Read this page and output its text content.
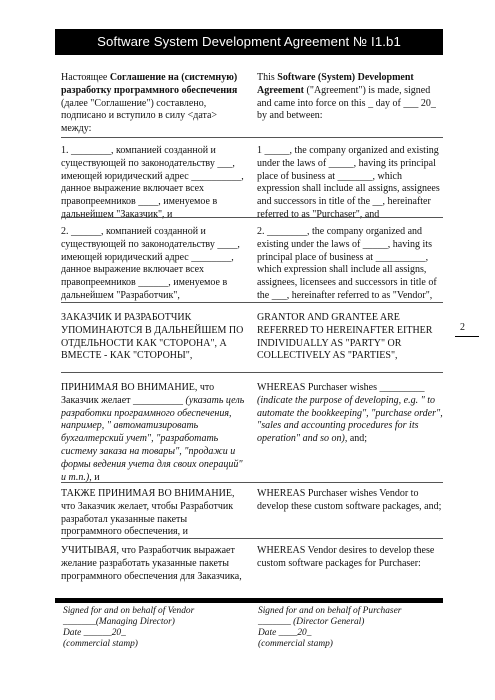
Software System Development Agreement № I1.b1

Настоящее Соглашение на (системную) разработку программного обеспечения (далее "Соглашение") составлено, подписано и вступило в силу <дата> между:

This Software (System) Development Agreement ("Agreement") is made, signed and came into force on this _ day of ___ 20_ by and between:

1. ________, компанией созданной и существующей по законодательству ___, имеющей юридический адрес __________, данное выражение включает всех правопреемников ____, именуемое в дальнейшем "Заказчик", и

1 _____, the company organized and existing under the laws of _____, having its principal place of business at _______, which expression shall include all assigns, assignees and successors in title of the __, hereinafter referred to as "Purchaser", and

2. ______, компанией созданной и существующей по законодательству ____, имеющей юридический адрес ________, данное выражение включает всех правопреемников ______, именуемое в дальнейшем "Разработчик",

2. ________, the company organized and existing under the laws of _____, having its principal place of business at __________, which expression shall include all assigns, assignees, licensees and successors in title of the ___, hereinafter referred to as "Vendor",

ЗАКАЗЧИК И РАЗРАБОТЧИК УПОМИНАЮТСЯ В ДАЛЬНЕЙШЕМ ПО ОТДЕЛЬНОСТИ КАК "СТОРОНА", А ВМЕСТЕ - КАК "СТОРОНЫ",

GRANTOR AND GRANTEE ARE REFERRED TO HEREINAFTER EITHER INDIVIDUALLY AS "PARTY" OR COLLECTIVELY AS "PARTIES",

ПРИНИМАЯ ВО ВНИМАНИЕ, что Заказчик желает __________ (указать цель разработки программного обеспечения, например, " автоматизировать бухгалтерский учет", "разработать систему заказа на товары", "продажи и формы ведения учета для своих операций" и т.п.), и

WHEREAS Purchaser wishes _________ (indicate the purpose of developing, e.g. " to automate the bookkeeping", "purchase order", "sales and accounting procedures for its operation" and so on), and;

ТАКЖЕ ПРИНИМАЯ ВО ВНИМАНИЕ, что Заказчик желает, чтобы Разработчик разработал указанные пакеты программного обеспечения, и

WHEREAS Purchaser wishes Vendor to develop these custom software packages, and;

УЧИТЫВАЯ, что Разработчик выражает желание разработать указанные пакеты программного обеспечения для Заказчика,

WHEREAS Vendor desires to develop these custom software packages for Purchaser:

2

Signed for and on behalf of Vendor

_______(Managing Director)

Date ______20_

(commercial stamp)

Signed for and on behalf of Purchaser

_______ (Director General)

Date ____20_

(commercial stamp)
